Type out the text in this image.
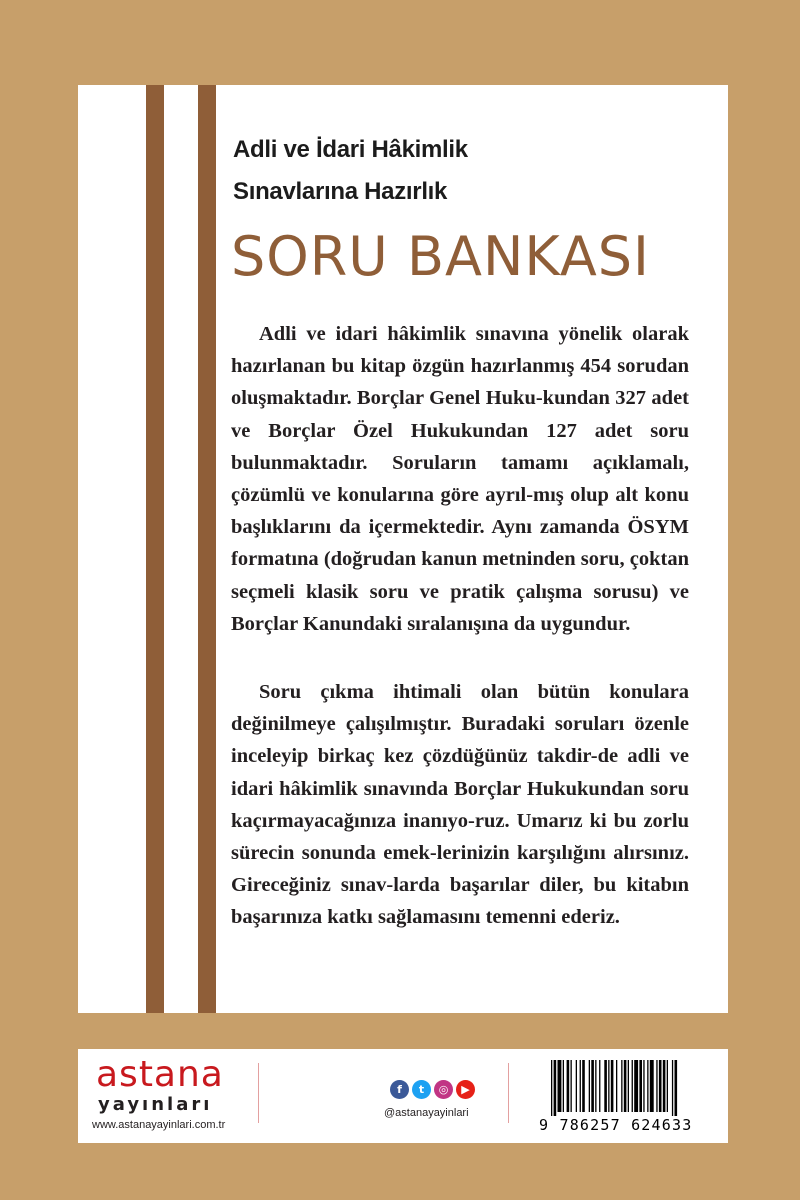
Adli ve İdari Hâkimlik
Sınavlarına Hazırlık
SORU BANKASI

Adli ve idari hâkimlik sınavına yönelik olarak hazırlanan bu kitap özgün hazırlanmış 454 sorudan oluşmaktadır. Borçlar Genel Huku-kundan 327 adet ve Borçlar Özel Hukukundan 127 adet soru bulunmaktadır. Soruların tamamı açıklamalı, çözümlü ve konularına göre ayrıl-mış olup alt konu başlıklarını da içermektedir. Aynı zamanda ÖSYM formatına (doğrudan kanun metninden soru, çoktan seçmeli klasik soru ve pratik çalışma sorusu) ve Borçlar Kanundaki sıralanışına da uygundur.

Soru çıkma ihtimali olan bütün konulara değinilmeye çalışılmıştır. Buradaki soruları özenle inceleyip birkaç kez çözdüğünüz takdir-de adli ve idari hâkimlik sınavında Borçlar Hukukundan soru kaçırmayacağınıza inanıyo-ruz. Umarız ki bu zorlu sürecin sonunda emek-lerinizin karşılığını alırsınız. Gireceğiniz sınav-larda başarılar diler, bu kitabın başarınıza katkı sağlamasını temenni ederiz.

astana
yayınları
www.astanayayinlari.com.tr
f	t	◎	▶
@astanayayinlari
9 786257 624633
